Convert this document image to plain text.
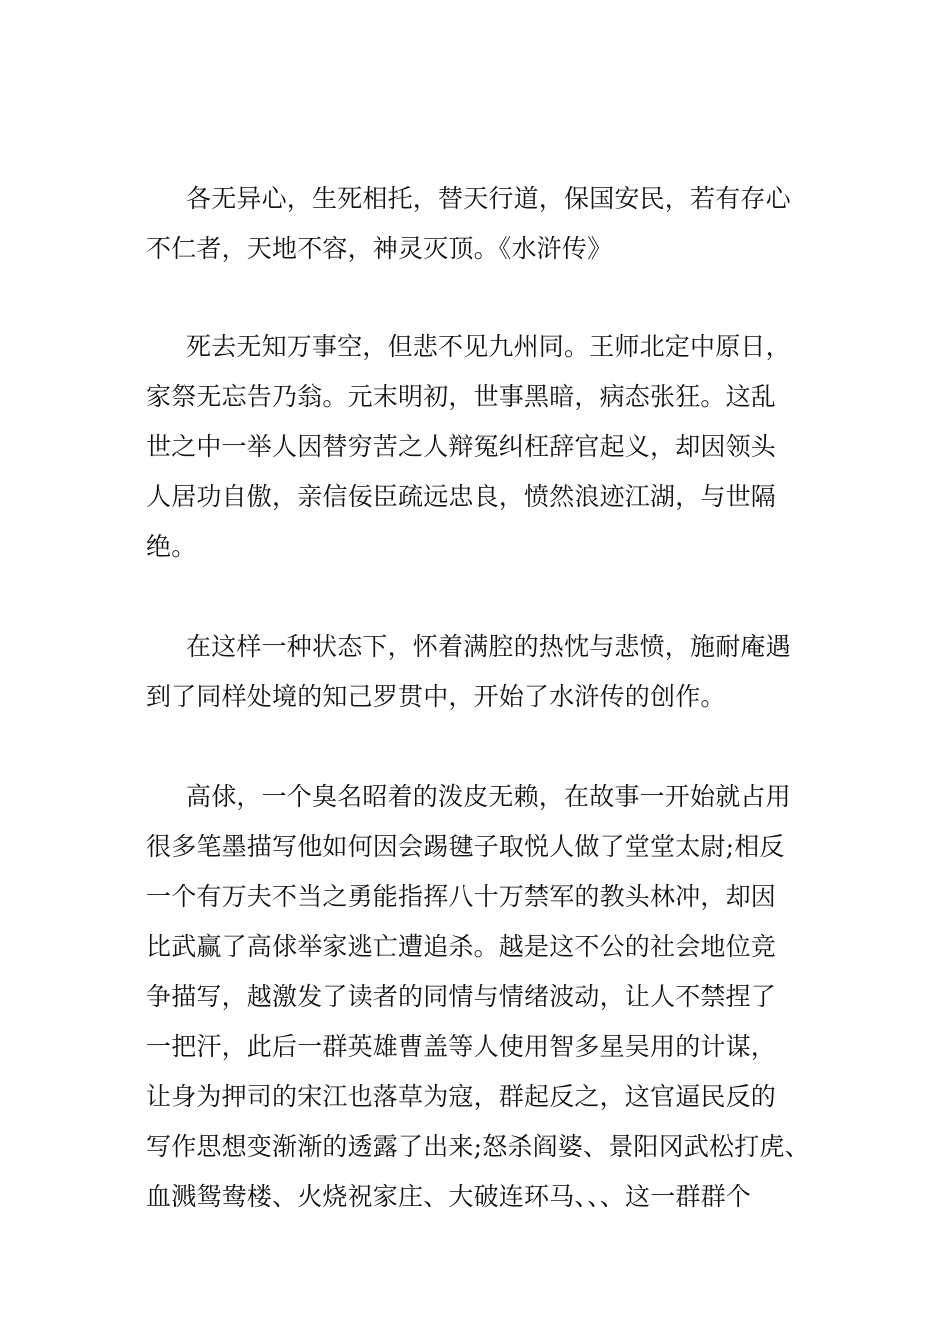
各无异心，生死相托，替天行道，保国安民，若有存心
不仁者，天地不容，神灵灭顶。《水浒传》
死去无知万事空，但悲不见九州同。王师北定中原日，
家祭无忘告乃翁。元末明初，世事黑暗，病态张狂。这乱
世之中一举人因替穷苦之人辩冤纠枉辞官起义，却因领头
人居功自傲，亲信佞臣疏远忠良，愤然浪迹江湖，与世隔
绝。
在这样一种状态下，怀着满腔的热忱与悲愤，施耐庵遇
到了同样处境的知己罗贯中，开始了水浒传的创作。
高俅，一个臭名昭着的泼皮无赖，在故事一开始就占用
很多笔墨描写他如何因会踢毽子取悦人做了堂堂太尉;相反
一个有万夫不当之勇能指挥八十万禁军的教头林冲，却因
比武赢了高俅举家逃亡遭追杀。越是这不公的社会地位竞
争描写，越激发了读者的同情与情绪波动，让人不禁捏了
一把汗，此后一群英雄曹盖等人使用智多星吴用的计谋，
让身为押司的宋江也落草为寇，群起反之，这官逼民反的
写作思想变渐渐的透露了出来;怒杀阎婆、景阳冈武松打虎、
血溅鸳鸯楼、火烧祝家庄、大破连环马、、、这一群群个
